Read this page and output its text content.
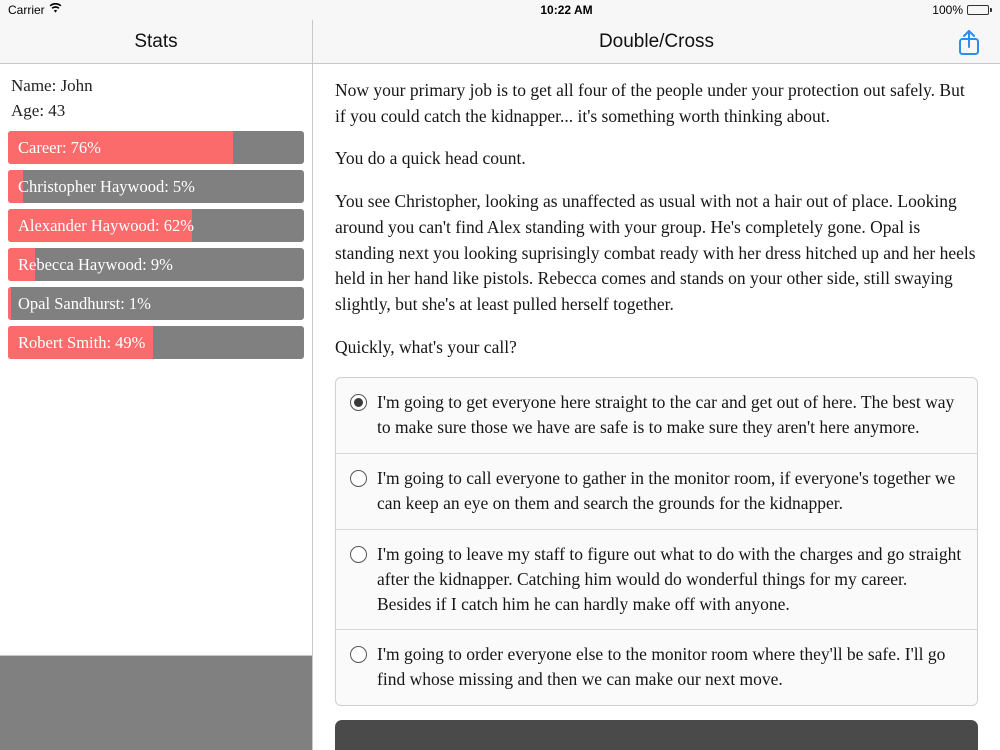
Carrier	10:22 AM	100%
Stats	Double/Cross
Name: John
Age: 43
Career: 76%
Christopher Haywood: 5%
Alexander Haywood: 62%
Rebecca Haywood: 9%
Opal Sandhurst: 1%
Robert Smith: 49%
Now your primary job is to get all four of the people under your protection out safely. But if you could catch the kidnapper... it's something worth thinking about.
You do a quick head count.
You see Christopher, looking as unaffected as usual with not a hair out of place. Looking around you can't find Alex standing with your group. He's completely gone. Opal is standing next you looking suprisingly combat ready with her dress hitched up and her heels held in her hand like pistols. Rebecca comes and stands on your other side, still swaying slightly, but she's at least pulled herself together.
Quickly, what's your call?
I'm going to get everyone here straight to the car and get out of here. The best way to make sure those we have are safe is to make sure they aren't here anymore.
I'm going to call everyone to gather in the monitor room, if everyone's together we can keep an eye on them and search the grounds for the kidnapper.
I'm going to leave my staff to figure out what to do with the charges and go straight after the kidnapper. Catching him would do wonderful things for my career. Besides if I catch him he can hardly make off with anyone.
I'm going to order everyone else to the monitor room where they'll be safe. I'll go find whose missing and then we can make our next move.
